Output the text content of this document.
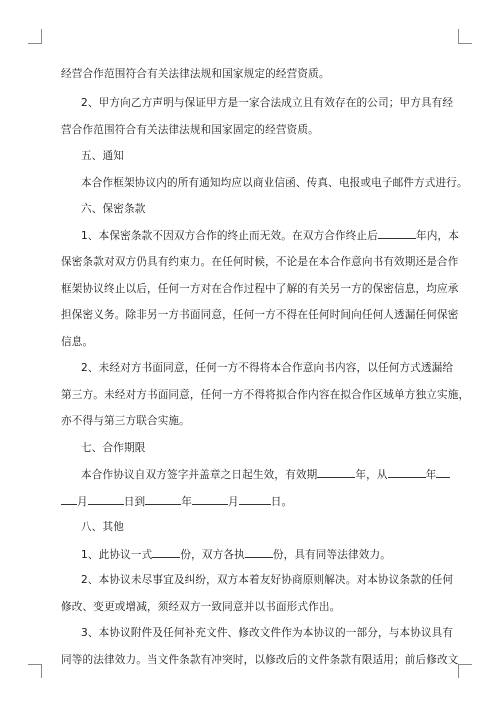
经营合作范围符合有关法律法规和国家规定的经营资质。
2、甲方向乙方声明与保证甲方是一家合法成立且有效存在的公司；甲方具有经
营合作范围符合有关法律法规和国家固定的经营资质。
五、通知
本合作框架协议内的所有通知均应以商业信函、传真、电报或电子邮件方式进行。
六、保密条款
1、本保密条款不因双方合作的终止而无效。在双方合作终止后	年内，本
保密条款对双方仍具有约束力。在任何时候，不论是在本合作意向书有效期还是合作
框架协议终止以后，任何一方对在合作过程中了解的有关另一方的保密信息，均应承
担保密义务。除非另一方书面同意，任何一方不得在任何时间向任何人透漏任何保密
信息。
2、未经对方书面同意，任何一方不得将本合作意向书内容，以任何方式透漏给
第三方。未经对方书面同意，任何一方不得将拟合作内容在拟合作区域单方独立实施，
亦不得与第三方联合实施。
七、合作期限
本合作协议自双方签字并盖章之日起生效，有效期	年，从	年
月	日到	年	月	日。
八、其他
1、此协议一式	份，双方各执	份，具有同等法律效力。
2、本协议未尽事宜及纠纷，双方本着友好协商原则解决。对本协议条款的任何
修改、变更或增减，须经双方一致同意并以书面形式作出。
3、本协议附件及任何补充文件、修改文件作为本协议的一部分，与本协议具有
同等的法律效力。当文件条款有冲突时，以修改后的文件条款有限适用；前后修改文
